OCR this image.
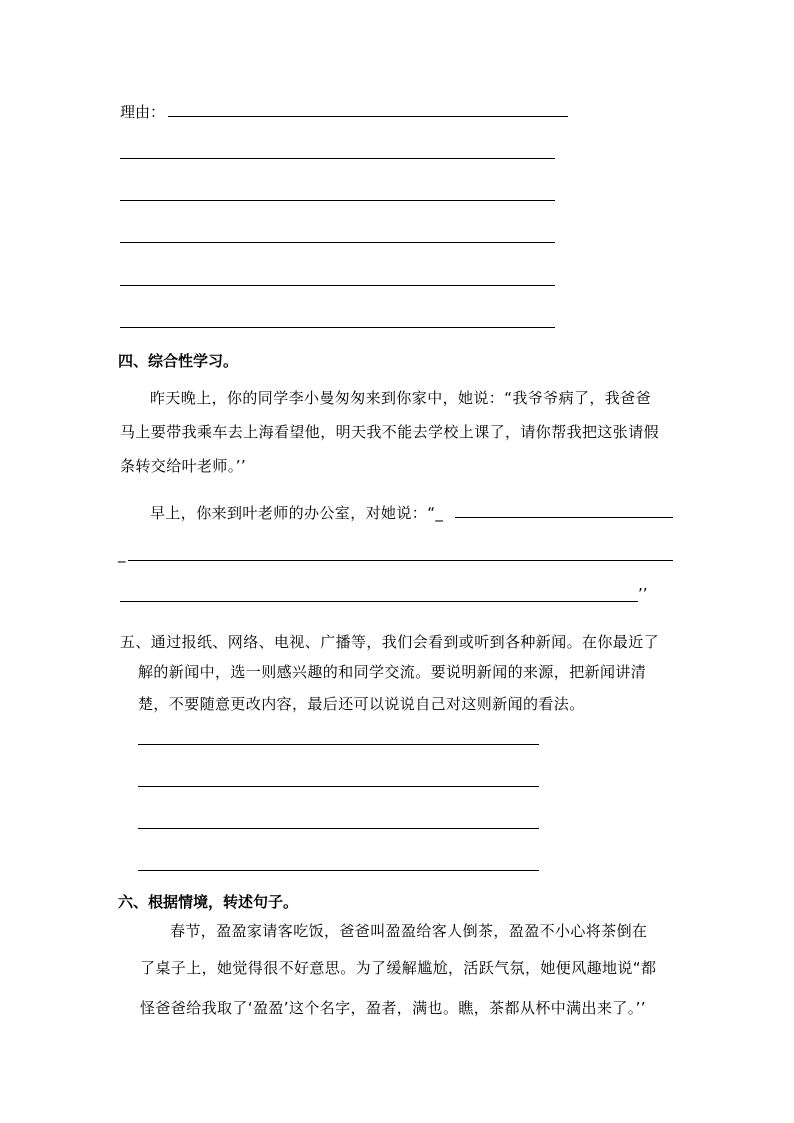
理由：
四、综合性学习。
昨天晚上，你的同学李小曼匆匆来到你家中，她说：“我爷爷病了，我爸爸
马上要带我乘车去上海看望他，明天我不能去学校上课了，请你帮我把这张请假
条转交给叶老师。’’
早上，你来到叶老师的办公室，对她说：“_
_
’’
五、通过报纸、网络、电视、广播等，我们会看到或听到各种新闻。在你最近了
解的新闻中，选一则感兴趣的和同学交流。要说明新闻的来源，把新闻讲清
楚，不要随意更改内容，最后还可以说说自己对这则新闻的看法。
六、根据情境，转述句子。
春节，盈盈家请客吃饭，爸爸叫盈盈给客人倒茶，盈盈不小心将茶倒在
了桌子上，她觉得很不好意思。为了缓解尴尬，活跃气氛，她便风趣地说“都
怪爸爸给我取了‘盈盈’这个名字，盈者，满也。瞧，茶都从杯中满出来了。’’
